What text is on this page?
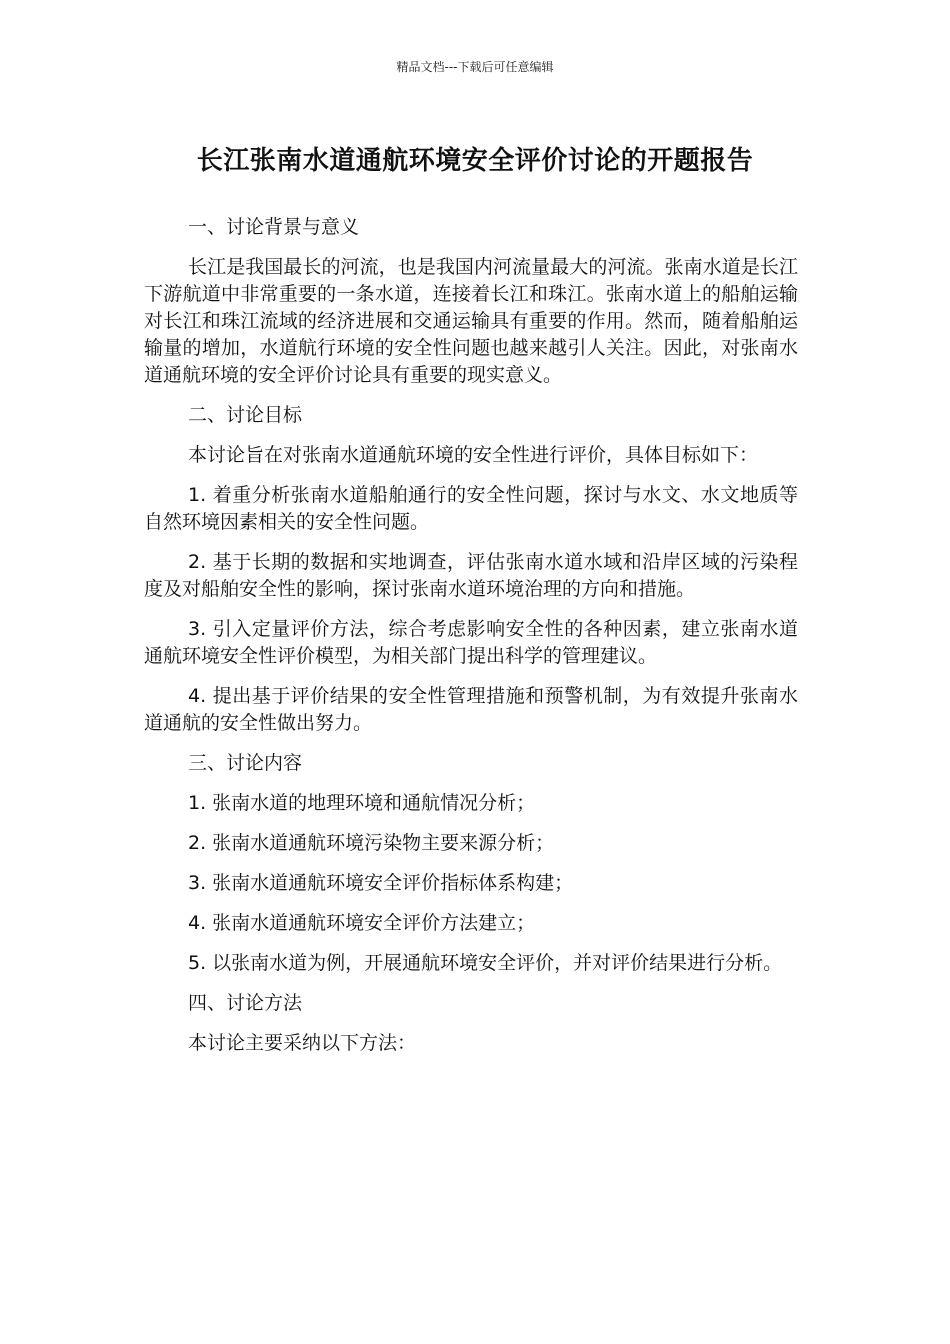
精品文档---下载后可任意编辑
长江张南水道通航环境安全评价讨论的开题报告

一、讨论背景与意义

长江是我国最长的河流，也是我国内河流量最大的河流。张南水道是长江下游航道中非常重要的一条水道，连接着长江和珠江。张南水道上的船舶运输对长江和珠江流域的经济进展和交通运输具有重要的作用。然而，随着船舶运输量的增加，水道航行环境的安全性问题也越来越引人关注。因此，对张南水道通航环境的安全评价讨论具有重要的现实意义。

二、讨论目标

本讨论旨在对张南水道通航环境的安全性进行评价，具体目标如下：

1. 着重分析张南水道船舶通行的安全性问题，探讨与水文、水文地质等自然环境因素相关的安全性问题。

2. 基于长期的数据和实地调查，评估张南水道水域和沿岸区域的污染程度及对船舶安全性的影响，探讨张南水道环境治理的方向和措施。

3. 引入定量评价方法，综合考虑影响安全性的各种因素，建立张南水道通航环境安全性评价模型，为相关部门提出科学的管理建议。

4. 提出基于评价结果的安全性管理措施和预警机制，为有效提升张南水道通航的安全性做出努力。

三、讨论内容

1. 张南水道的地理环境和通航情况分析；

2. 张南水道通航环境污染物主要来源分析；

3. 张南水道通航环境安全评价指标体系构建；

4. 张南水道通航环境安全评价方法建立；

5. 以张南水道为例，开展通航环境安全评价，并对评价结果进行分析。

四、讨论方法

本讨论主要采纳以下方法：
